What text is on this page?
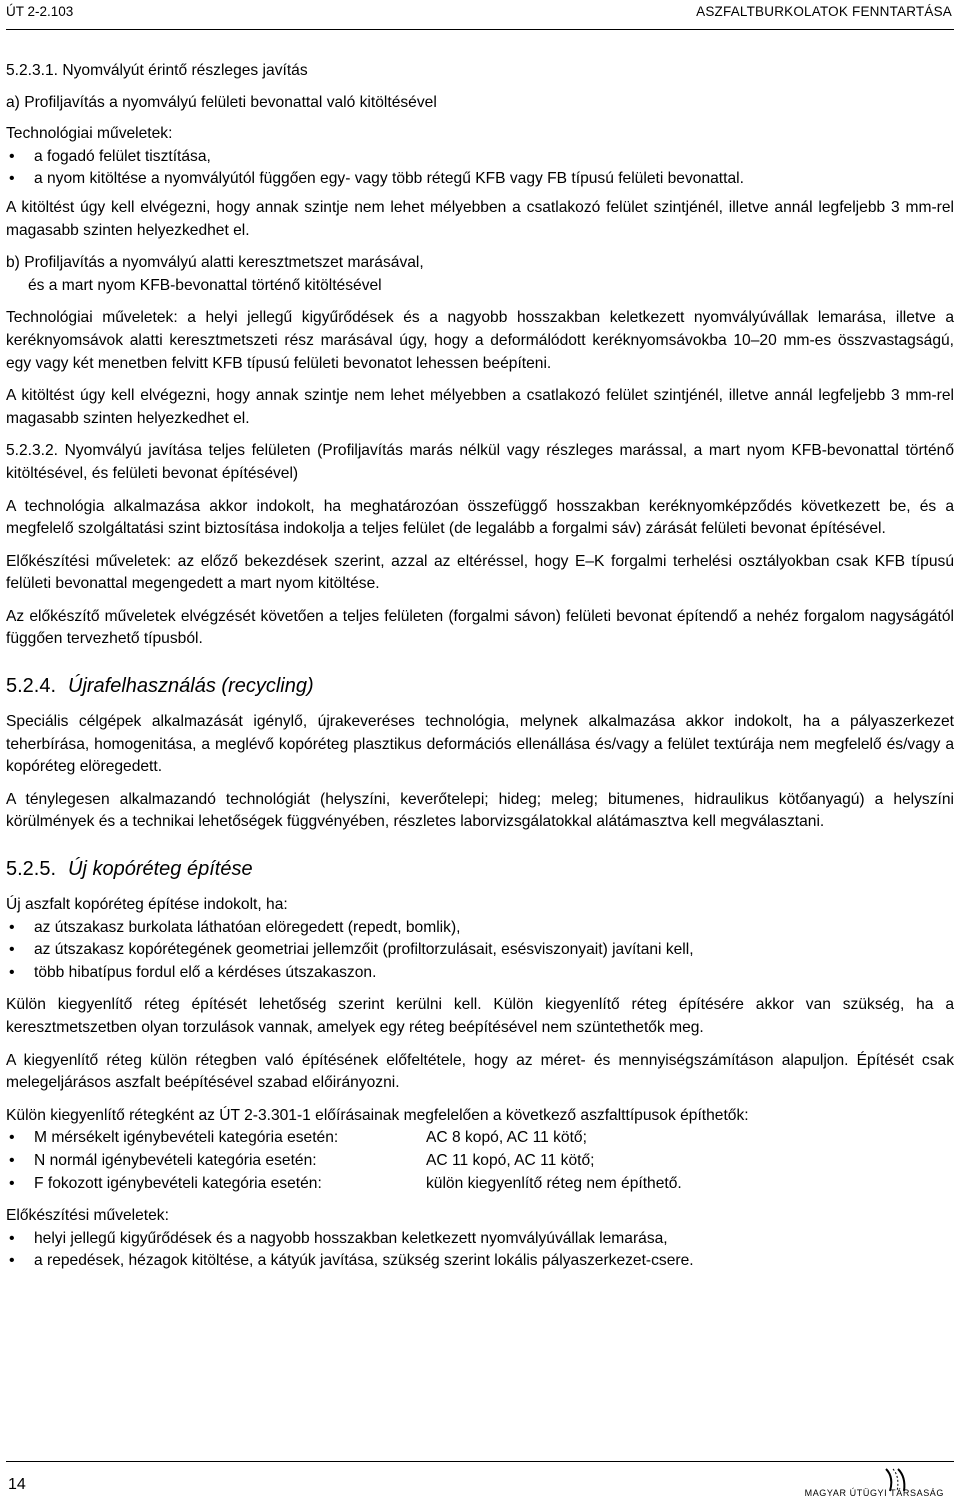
ÚT 2-2.103	ASZFALTBURKOLATOK FENNTARTÁSA

5.2.3.1. Nyomvályút érintő részleges javítás

a) Profiljavítás a nyomvályú felületi bevonattal való kitöltésével

Technológiai műveletek:

• a fogadó felület tisztítása,
• a nyom kitöltése a nyomvályútól függően egy- vagy több rétegű KFB vagy FB típusú felületi bevonattal.

A kitöltést úgy kell elvégezni, hogy annak szintje nem lehet mélyebben a csatlakozó felület szintjénél, illetve annál legfeljebb 3 mm-rel magasabb szinten helyezkedhet el.

b) Profiljavítás a nyomvályú alatti keresztmetszet marásával,

és a mart nyom KFB-bevonattal történő kitöltésével

Technológiai műveletek: a helyi jellegű kigyűrődések és a nagyobb hosszakban keletkezett nyomvályúvállak lemarása, illetve a keréknyomsávok alatti keresztmetszeti rész marásával úgy, hogy a deformálódott keréknyomsávokba 10–20 mm-es összvastagságú, egy vagy két menetben felvitt KFB típusú felületi bevonatot lehessen beépíteni.

A kitöltést úgy kell elvégezni, hogy annak szintje nem lehet mélyebben a csatlakozó felület szintjénél, illetve annál legfeljebb 3 mm-rel magasabb szinten helyezkedhet el.

5.2.3.2. Nyomvályú javítása teljes felületen (Profiljavítás marás nélkül vagy részleges marással, a mart nyom KFB-bevonattal történő kitöltésével, és felületi bevonat építésével)

A technológia alkalmazása akkor indokolt, ha meghatározóan összefüggő hosszakban keréknyomképződés következett be, és a megfelelő szolgáltatási szint biztosítása indokolja a teljes felület (de legalább a forgalmi sáv) zárását felületi bevonat építésével.

Előkészítési műveletek: az előző bekezdések szerint, azzal az eltéréssel, hogy E–K forgalmi terhelési osztályokban csak KFB típusú felületi bevonattal megengedett a mart nyom kitöltése.

Az előkészítő műveletek elvégzését követően a teljes felületen (forgalmi sávon) felületi bevonat építendő a nehéz forgalom nagyságától függően tervezhető típusból.

5.2.4. Újrafelhasználás (recycling)

Speciális célgépek alkalmazását igénylő, újrakeveréses technológia, melynek alkalmazása akkor indokolt, ha a pályaszerkezet teherbírása, homogenitása, a meglévő kopóréteg plasztikus deformációs ellenállása és/vagy a felület textúrája nem megfelelő és/vagy a kopóréteg elöregedett.

A ténylegesen alkalmazandó technológiát (helyszíni, keverőtelepi; hideg; meleg; bitumenes, hidraulikus kötőanyagú) a helyszíni körülmények és a technikai lehetőségek függvényében, részletes laborvizsgálatokkal alátámasztva kell megválasztani.

5.2.5. Új kopóréteg építése

Új aszfalt kopóréteg építése indokolt, ha:

• az útszakasz burkolata láthatóan elöregedett (repedt, bomlik),
• az útszakasz kopórétegének geometriai jellemzőit (profiltorzulásait, esésviszonyait) javítani kell,
• több hibatípus fordul elő a kérdéses útszakaszon.

Külön kiegyenlítő réteg építését lehetőség szerint kerülni kell. Külön kiegyenlítő réteg építésére akkor van szükség, ha a keresztmetszetben olyan torzulások vannak, amelyek egy réteg beépítésével nem szüntethetők meg.

A kiegyenlítő réteg külön rétegben való építésének előfeltétele, hogy az méret- és mennyiségszámításon alapuljon. Építését csak melegeljárásos aszfalt beépítésével szabad előirányozni.

Külön kiegyenlítő rétegként az ÚT 2-3.301-1 előírásainak megfelelően a következő aszfalttípusok építhetők:

• M mérsékelt igénybevételi kategória esetén:	AC 8 kopó, AC 11 kötő;
• N normál igénybevételi kategória esetén:	AC 11 kopó, AC 11 kötő;
• F fokozott igénybevételi kategória esetén:	külön kiegyenlítő réteg nem építhető.

Előkészítési műveletek:

• helyi jellegű kigyűrődések és a nagyobb hosszakban keletkezett nyomvályúvállak lemarása,
• a repedések, hézagok kitöltése, a kátyúk javítása, szükség szerint lokális pályaszerkezet-csere.
14	MAGYAR ÚTÜGYI TÁRSASÁG
